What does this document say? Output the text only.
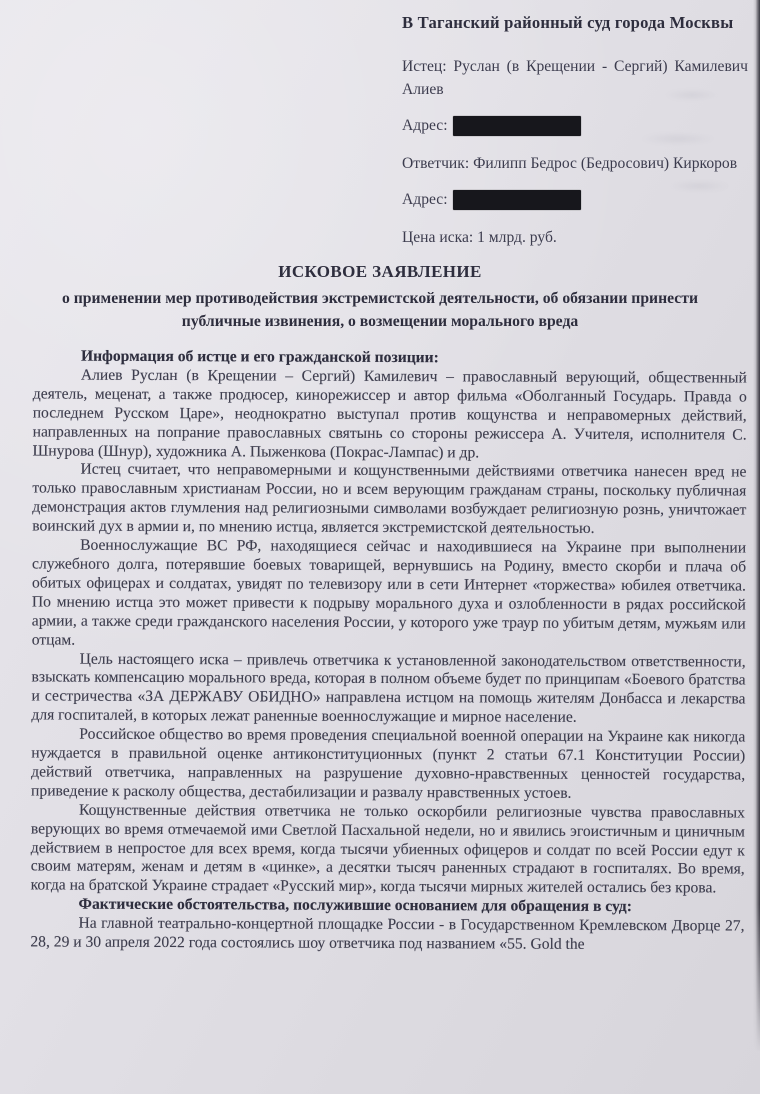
В Таганский районный суд города Москвы

Истец: Руслан (в Крещении - Сергий) Камилевич Алиев

Адрес:

Ответчик: Филипп Бедрос (Бедросович) Киркоров

Адрес:

Цена иска: 1 млрд. руб.

ИСКОВОЕ ЗАЯВЛЕНИЕ

о применении мер противодействия экстремистской деятельности, об обязании принести публичные извинения, о возмещении морального вреда

Информация об истце и его гражданской позиции:

Алиев Руслан (в Крещении – Сергий) Камилевич – православный верующий, общественный деятель, меценат, а также продюсер, кинорежиссер и автор фильма «Оболганный Государь. Правда о последнем Русском Царе», неоднократно выступал против кощунства и неправомерных действий, направленных на попрание православных святынь со стороны режиссера А. Учителя, исполнителя С. Шнурова (Шнур), художника А. Пыженкова (Покрас-Лампас) и др.

Истец считает, что неправомерными и кощунственными действиями ответчика нанесен вред не только православным христианам России, но и всем верующим гражданам страны, поскольку публичная демонстрация актов глумления над религиозными символами возбуждает религиозную рознь, уничтожает воинский дух в армии и, по мнению истца, является экстремистской деятельностью.

Военнослужащие ВС РФ, находящиеся сейчас и находившиеся на Украине при выполнении служебного долга, потерявшие боевых товарищей, вернувшись на Родину, вместо скорби и плача об обитых офицерах и солдатах, увидят по телевизору или в сети Интернет «торжества» юбилея ответчика. По мнению истца это может привести к подрыву морального духа и озлобленности в рядах российской армии, а также среди гражданского населения России, у которого уже траур по убитым детям, мужьям или отцам.

Цель настоящего иска – привлечь ответчика к установленной законодательством ответственности, взыскать компенсацию морального вреда, которая в полном объеме будет по принципам «Боевого братства и сестричества «ЗА ДЕРЖАВУ ОБИДНО» направлена истцом на помощь жителям Донбасса и лекарства для госпиталей, в которых лежат раненные военнослужащие и мирное население.

Российское общество во время проведения специальной военной операции на Украине как никогда нуждается в правильной оценке антиконституционных (пункт 2 статьи 67.1 Конституции России) действий ответчика, направленных на разрушение духовно-нравственных ценностей государства, приведение к расколу общества, дестабилизации и развалу нравственных устоев.

Кощунственные действия ответчика не только оскорбили религиозные чувства православных верующих во время отмечаемой ими Светлой Пасхальной недели, но и явились эгоистичным и циничным действием в непростое для всех время, когда тысячи убиенных офицеров и солдат по всей России едут к своим матерям, женам и детям в «цинке», а десятки тысяч раненных страдают в госпиталях. Во время, когда на братской Украине страдает «Русский мир», когда тысячи мирных жителей остались без крова.

Фактические обстоятельства, послужившие основанием для обращения в суд:

На главной театрально-концертной площадке России - в Государственном Кремлевском Дворце 27, 28, 29 и 30 апреля 2022 года состоялись шоу ответчика под названием «55. Gold the
